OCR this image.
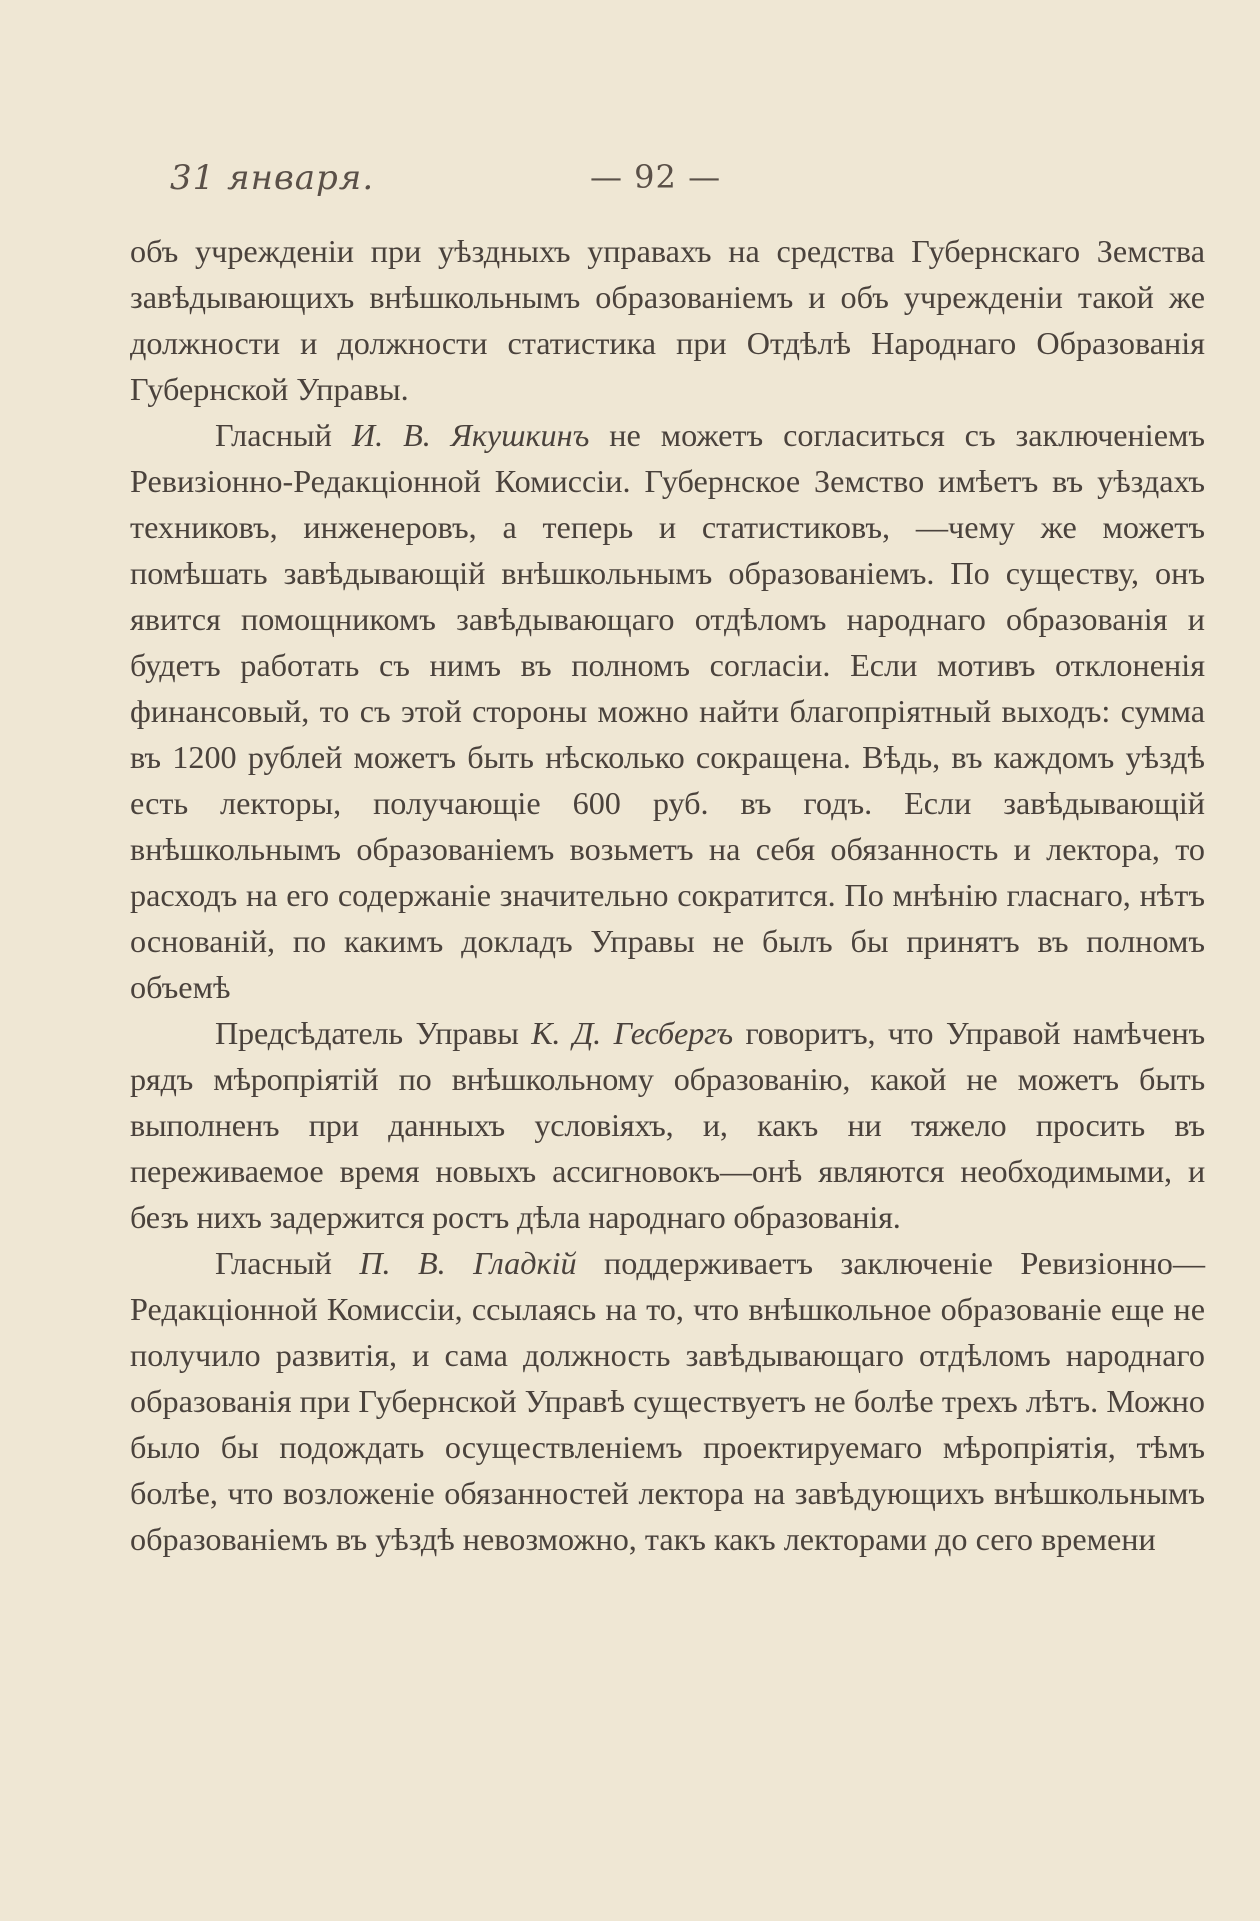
31 января.	— 92 —

объ учрежденіи при уѣздныхъ управахъ на средства Губернскаго Земства завѣдывающихъ внѣшкольнымъ образованіемъ и объ учрежденіи такой же должности и должности статистика при Отдѣлѣ Народнаго Образованія Губернской Управы.

Гласный И. В. Якушкинъ не можетъ согласиться съ заключеніемъ Ревизіонно-Редакціонной Комиссіи. Губернское Земство имѣетъ въ уѣздахъ техниковъ, инженеровъ, а теперь и статистиковъ, —чему же можетъ помѣшать завѣдывающій внѣшкольнымъ образованіемъ. По существу, онъ явится помощникомъ завѣдывающаго отдѣломъ народнаго образованія и будетъ работать съ нимъ въ полномъ согласіи. Если мотивъ отклоненія финансовый, то съ этой стороны можно найти благопріятный выходъ: сумма въ 1200 рублей можетъ быть нѣсколько сокращена. Вѣдь, въ каждомъ уѣздѣ есть лекторы, получающіе 600 руб. въ годъ. Если завѣдывающій внѣшкольнымъ образованіемъ возьметъ на себя обязанность и лектора, то расходъ на его содержаніе значительно сократится. По мнѣнію гласнаго, нѣтъ основаній, по какимъ докладъ Управы не былъ бы принятъ въ полномъ объемѣ

Предсѣдатель Управы К. Д. Гесбергъ говоритъ, что Управой намѣченъ рядъ мѣропріятій по внѣшкольному образованію, какой не можетъ быть выполненъ при данныхъ условіяхъ, и, какъ ни тяжело просить въ переживаемое время новыхъ ассигновокъ—онѣ являются необходимыми, и безъ нихъ задержится ростъ дѣла народнаго образованія.

Гласный П. В. Гладкій поддерживаетъ заключеніе Ревизіонно—Редакціонной Комиссіи, ссылаясь на то, что внѣшкольное образованіе еще не получило развитія, и сама должность завѣдывающаго отдѣломъ народнаго образованія при Губернской Управѣ существуетъ не болѣе трехъ лѣтъ. Можно было бы подождать осуществленіемъ проектируемаго мѣропріятія, тѣмъ болѣе, что возложеніе обязанностей лектора на завѣдующихъ внѣшкольнымъ образованіемъ въ уѣздѣ невозможно, такъ какъ лекторами до сего времени
